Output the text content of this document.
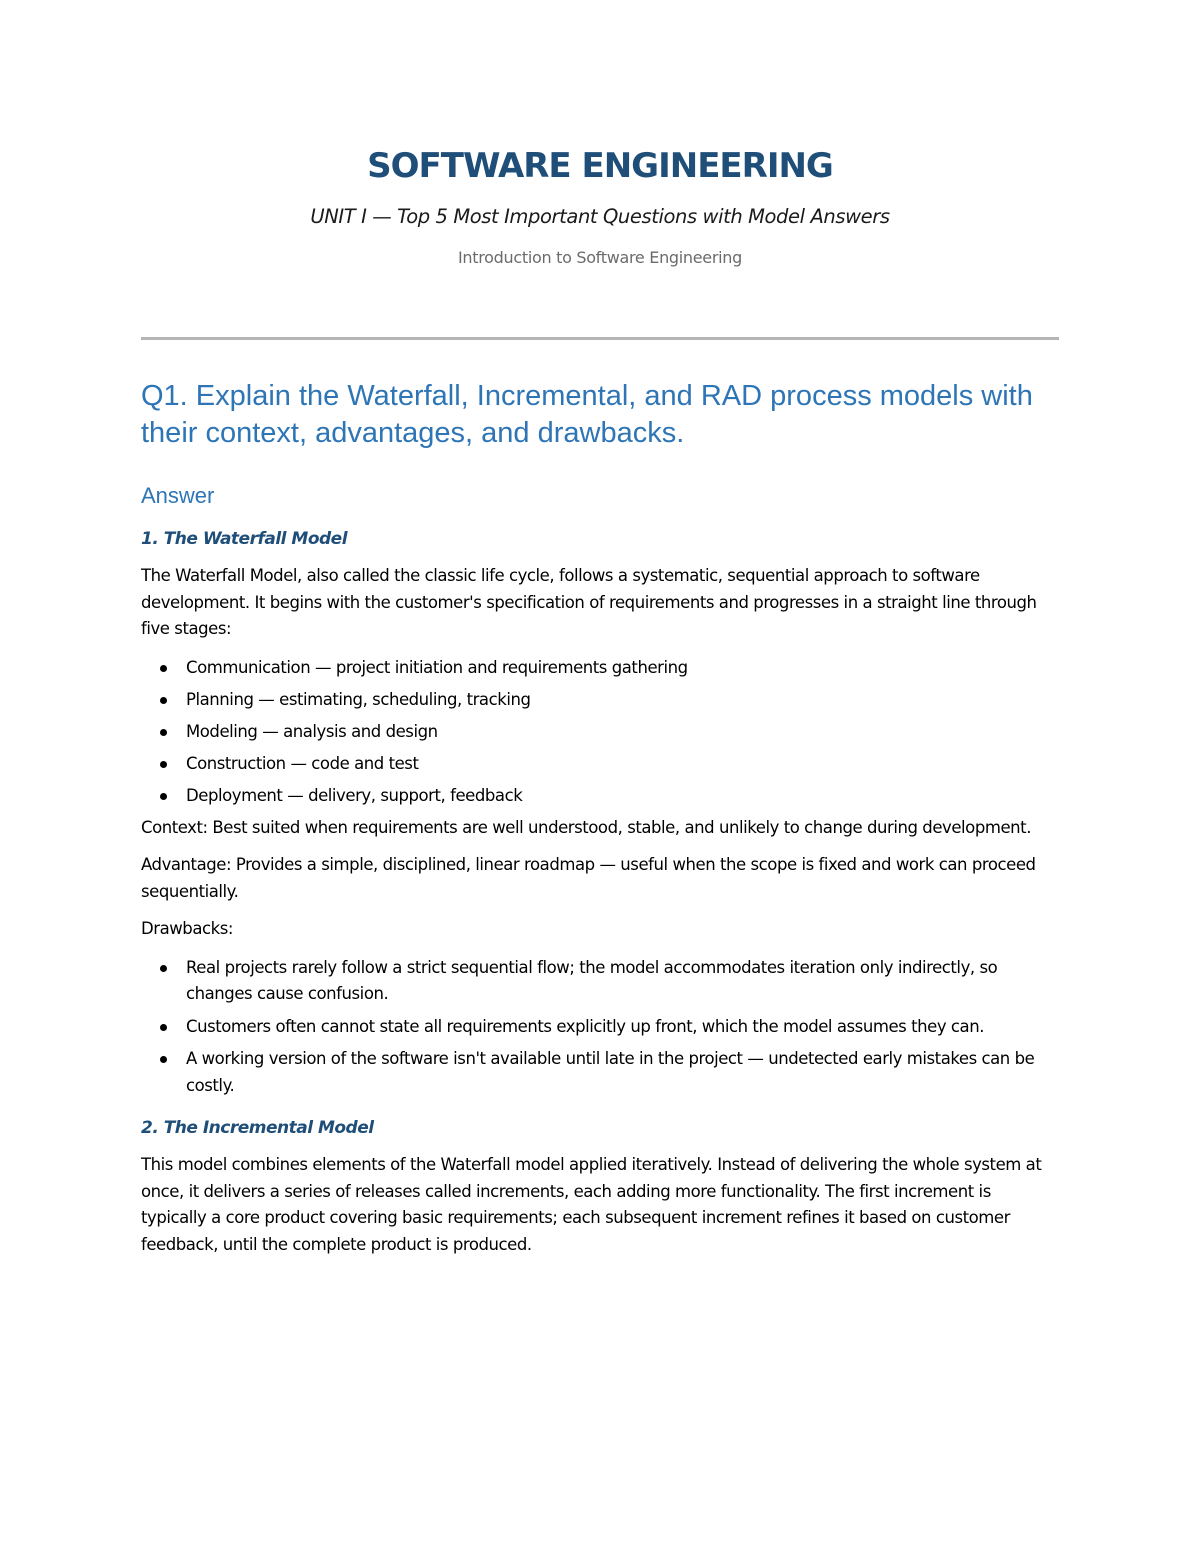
SOFTWARE ENGINEERING

UNIT I — Top 5 Most Important Questions with Model Answers

Introduction to Software Engineering

Q1. Explain the Waterfall, Incremental, and RAD process models with their context, advantages, and drawbacks.
Answer
1. The Waterfall Model

The Waterfall Model, also called the classic life cycle, follows a systematic, sequential approach to software development. It begins with the customer's specification of requirements and progresses in a straight line through five stages:

Communication — project initiation and requirements gathering
Planning — estimating, scheduling, tracking
Modeling — analysis and design
Construction — code and test
Deployment — delivery, support, feedback

Context: Best suited when requirements are well understood, stable, and unlikely to change during development.

Advantage: Provides a simple, disciplined, linear roadmap — useful when the scope is fixed and work can proceed sequentially.

Drawbacks:

Real projects rarely follow a strict sequential flow; the model accommodates iteration only indirectly, so changes cause confusion.
Customers often cannot state all requirements explicitly up front, which the model assumes they can.
A working version of the software isn't available until late in the project — undetected early mistakes can be costly.
2. The Incremental Model

This model combines elements of the Waterfall model applied iteratively. Instead of delivering the whole system at once, it delivers a series of releases called increments, each adding more functionality. The first increment is typically a core product covering basic requirements; each subsequent increment refines it based on customer feedback, until the complete product is produced.
